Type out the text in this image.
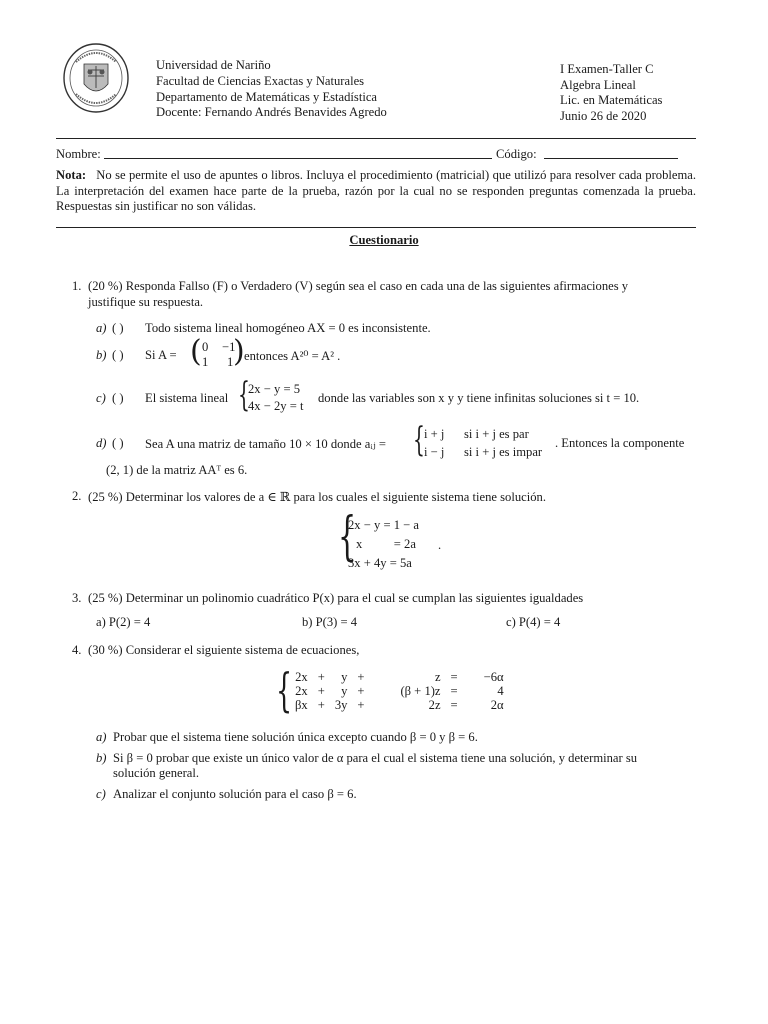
Universidad de Nariño
Facultad de Ciencias Exactas y Naturales
Departamento de Matemáticas y Estadística
Docente: Fernando Andrés Benavides Agredo
I Examen-Taller C
Algebra Lineal
Lic. en Matemáticas
Junio 26 de 2020
Nombre:	Código:
Nota: No se permite el uso de apuntes o libros. Incluya el procedimiento (matricial) que utilizó para resolver cada problema. La interpretación del examen hace parte de la prueba, razón por la cual no se responden preguntas comenzada la prueba. Respuestas sin justificar no son válidas.
Cuestionario
1. (20 %) Responda Fallso (F) o Verdadero (V) según sea el caso en cada una de las siguientes afirmaciones y
justifique su respuesta.
a) ( ) Todo sistema lineal homogéneo AX = 0 es inconsistente.
b) ( ) Si A = ( 0 −1
1 1 ) entonces A²⁰ = A² .
c) ( ) El sistema lineal {
2x − y = 5
4x − 2y = t
donde las variables son x y y tiene infinitas soluciones si t = 10.
d) ( ) Sea A una matriz de tamaño 10 × 10 donde aᵢⱼ = { i + j si i + j es par
i − j si i + j es impar
. Entonces la componente
(2, 1) de la matriz AAᵀ es 6.
2. (25 %) Determinar los valores de a ∈ ℝ para los cuales el siguiente sistema tiene solución.
{
2x − y = 1 − a
x          = 2a
3x + 4y = 5a
.
3. (25 %) Determinar un polinomio cuadrático P(x) para el cual se cumplan las siguientes igualdades
a) P(2) = 4	b) P(3) = 4	c) P(4) = 4
4. (30 %) Considerar el siguiente sistema de ecuaciones,
{ 2x	+	y	+	z	=	−6α
2x	+	y	+	(β + 1)z	=	4
βx	+	3y	+	2z	=	2α
a) Probar que el sistema tiene solución única excepto cuando β = 0 y β = 6.
b) Si β = 0 probar que existe un único valor de α para el cual el sistema tiene una solución, y determinar su
solución general.
c) Analizar el conjunto solución para el caso β = 6.
